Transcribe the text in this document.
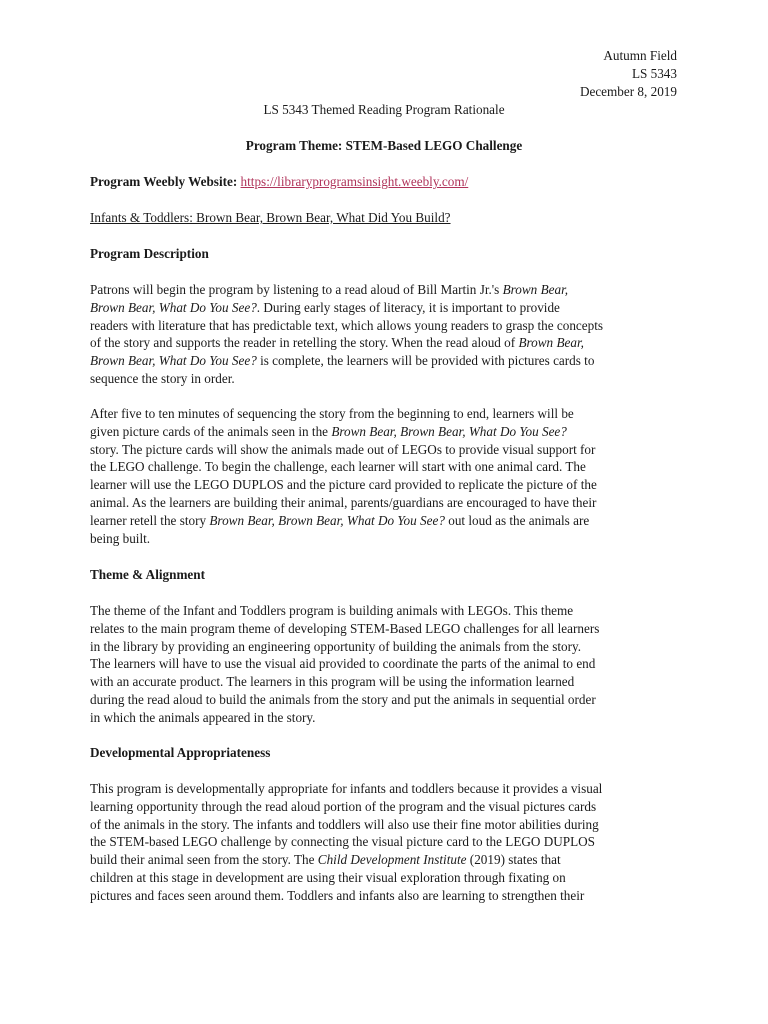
Autumn Field
LS 5343
December 8, 2019
LS 5343 Themed Reading Program Rationale
Program Theme: STEM-Based LEGO Challenge
Program Weebly Website: https://libraryprogramsinsight.weebly.com/
Infants & Toddlers: Brown Bear, Brown Bear, What Did You Build?
Program Description
Patrons will begin the program by listening to a read aloud of Bill Martin Jr.'s Brown Bear,
Brown Bear, What Do You See?. During early stages of literacy, it is important to provide
readers with literature that has predictable text, which allows young readers to grasp the concepts
of the story and supports the reader in retelling the story. When the read aloud of Brown Bear,
Brown Bear, What Do You See? is complete, the learners will be provided with pictures cards to
sequence the story in order.
After five to ten minutes of sequencing the story from the beginning to end, learners will be
given picture cards of the animals seen in the Brown Bear, Brown Bear, What Do You See?
story. The picture cards will show the animals made out of LEGOs to provide visual support for
the LEGO challenge. To begin the challenge, each learner will start with one animal card. The
learner will use the LEGO DUPLOS and the picture card provided to replicate the picture of the
animal. As the learners are building their animal, parents/guardians are encouraged to have their
learner retell the story Brown Bear, Brown Bear, What Do You See? out loud as the animals are
being built.
Theme & Alignment
The theme of the Infant and Toddlers program is building animals with LEGOs. This theme
relates to the main program theme of developing STEM-Based LEGO challenges for all learners
in the library by providing an engineering opportunity of building the animals from the story.
The learners will have to use the visual aid provided to coordinate the parts of the animal to end
with an accurate product. The learners in this program will be using the information learned
during the read aloud to build the animals from the story and put the animals in sequential order
in which the animals appeared in the story.
Developmental Appropriateness
This program is developmentally appropriate for infants and toddlers because it provides a visual
learning opportunity through the read aloud portion of the program and the visual pictures cards
of the animals in the story. The infants and toddlers will also use their fine motor abilities during
the STEM-based LEGO challenge by connecting the visual picture card to the LEGO DUPLOS
build their animal seen from the story. The Child Development Institute (2019) states that
children at this stage in development are using their visual exploration through fixating on
pictures and faces seen around them. Toddlers and infants also are learning to strengthen their
